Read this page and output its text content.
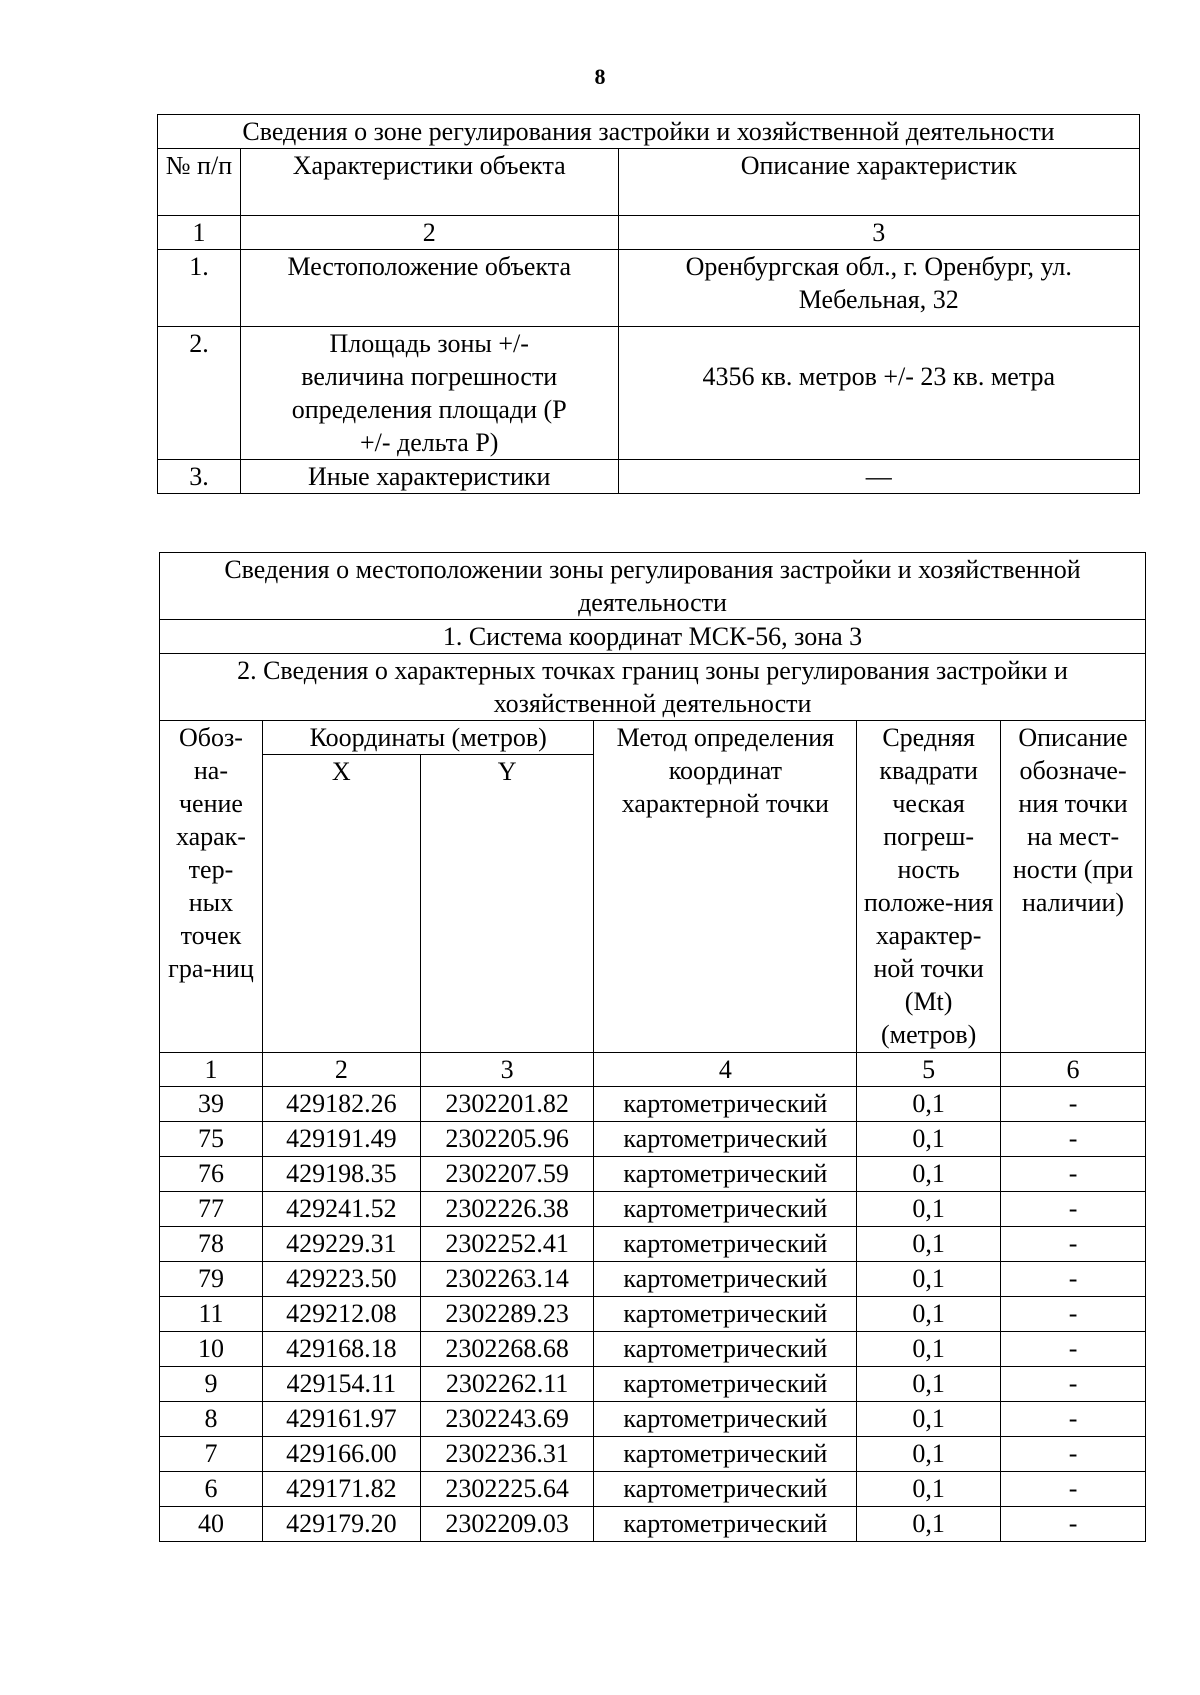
8
Сведения о зоне регулирования застройки и хозяйственной деятельности		
№ п/п	Характеристики объекта	Описание характеристик
1	2	3
1.	Местоположение объекта	Оренбургская обл., г. Оренбург, ул. Мебельная, 32
2.	Площадь зоны +/- величина погрешности определения площади (P +/- дельта P)	4356 кв. метров +/- 23 кв. метра
3.	Иные характеристики	—
Сведения о местоположении зоны регулирования застройки и хозяйственной деятельности					
1. Система координат МСК-56, зона 3					
2. Сведения о характерных точках границ зоны регулирования застройки и хозяйственной деятельности					
Обоз-на-чение харак-тер-ных точек гра-ниц	Координаты (метров)		Метод определения координат характерной точки	Средняя квадрати ческая погреш-ность положе-ния характер-ной точки (Mt) (метров)	Описание обозначе-ния точки на мест-ности (при наличии)
	X	Y			
1	2	3	4	5	6
39	429182.26	2302201.82	картометрический	0,1	-
75	429191.49	2302205.96	картометрический	0,1	-
76	429198.35	2302207.59	картометрический	0,1	-
77	429241.52	2302226.38	картометрический	0,1	-
78	429229.31	2302252.41	картометрический	0,1	-
79	429223.50	2302263.14	картометрический	0,1	-
11	429212.08	2302289.23	картометрический	0,1	-
10	429168.18	2302268.68	картометрический	0,1	-
9	429154.11	2302262.11	картометрический	0,1	-
8	429161.97	2302243.69	картометрический	0,1	-
7	429166.00	2302236.31	картометрический	0,1	-
6	429171.82	2302225.64	картометрический	0,1	-
40	429179.20	2302209.03	картометрический	0,1	-
